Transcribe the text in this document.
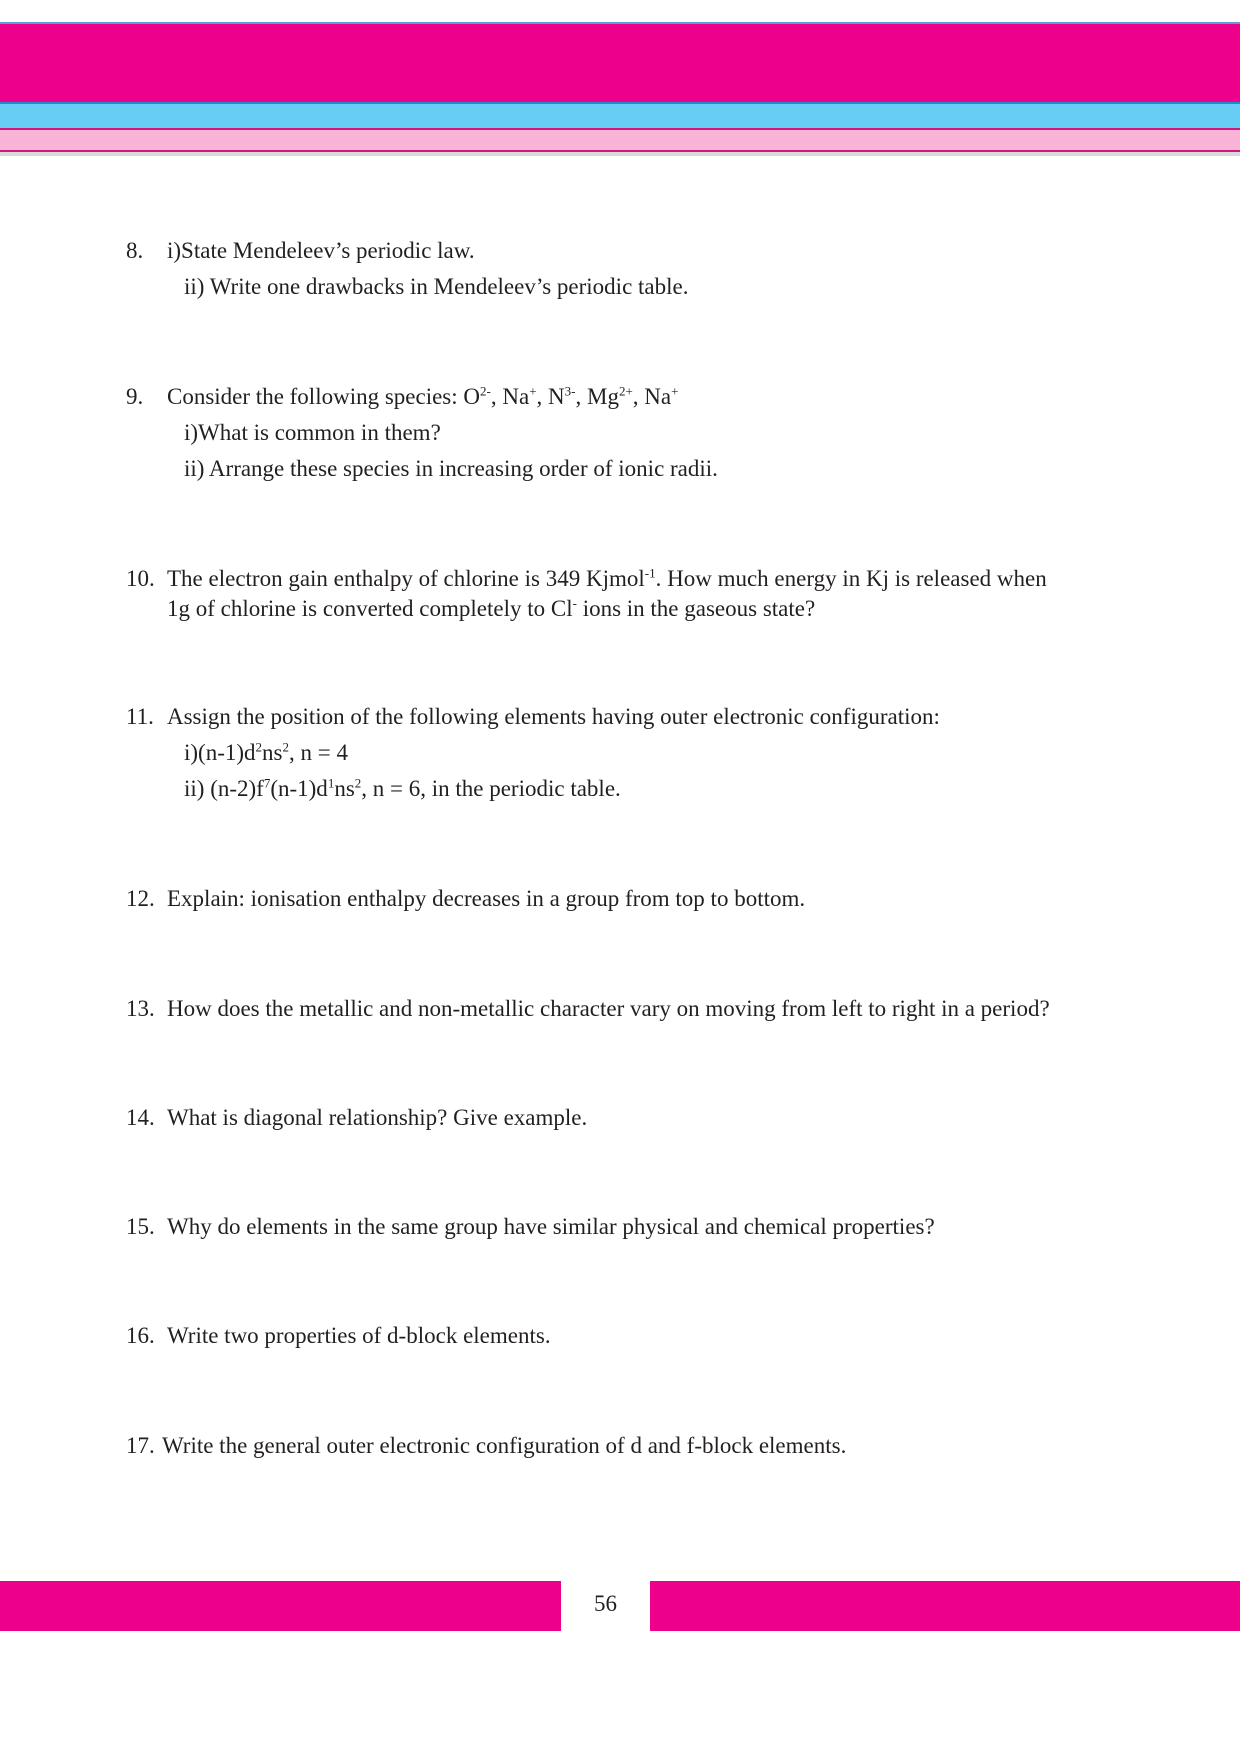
8. i)State Mendeleev’s periodic law.
ii) Write one drawbacks in Mendeleev’s periodic table.
9. Consider the following species: $O^{2-}$, Na+, $N^{3-}$, $Mg^{2+}$, Na+
i)What is common in them?
ii) Arrange these species in increasing order of ionic radii.
10. The electron gain enthalpy of chlorine is 349 Kjmol$^{-1}$. How much energy in Kj is released when
1g of chlorine is converted completely to Cl- ions in the gaseous state?
11. Assign the position of the following elements having outer electronic configuration:
$i)(n-1)d^2ns^2$, n = 4
ii) $(n-2)f^7(n-1)d^1ns^2$, n = 6, in the periodic table.
12. Explain: ionisation enthalpy decreases in a group from top to bottom.
13. How does the metallic and non-metallic character vary on moving from left to right in a period?
14. What is diagonal relationship? Give example.
15. Why do elements in the same group have similar physical and chemical properties?
16. Write two properties of d-block elements.
17. Write the general outer electronic configuration of d and f-block elements.
56
